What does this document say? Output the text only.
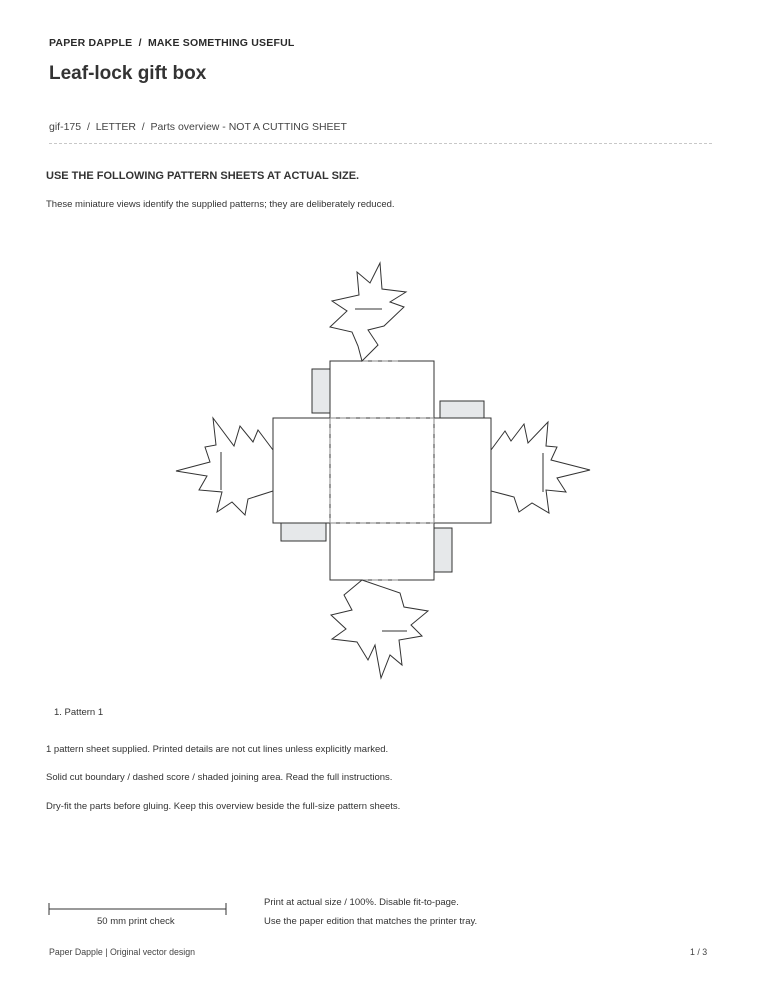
PAPER DAPPLE / MAKE SOMETHING USEFUL
Leaf-lock gift box
gif-175  /  LETTER  /  Parts overview - NOT A CUTTING SHEET
USE THE FOLLOWING PATTERN SHEETS AT ACTUAL SIZE.
These miniature views identify the supplied patterns; they are deliberately reduced.
1. Pattern 1
1 pattern sheet supplied. Printed details are not cut lines unless explicitly marked.
Solid cut boundary / dashed score / shaded joining area. Read the full instructions.
Dry-fit the parts before gluing. Keep this overview beside the full-size pattern sheets.
50 mm print check
Print at actual size / 100%. Disable fit-to-page.
Use the paper edition that matches the printer tray.
Paper Dapple | Original vector design	1 / 3
